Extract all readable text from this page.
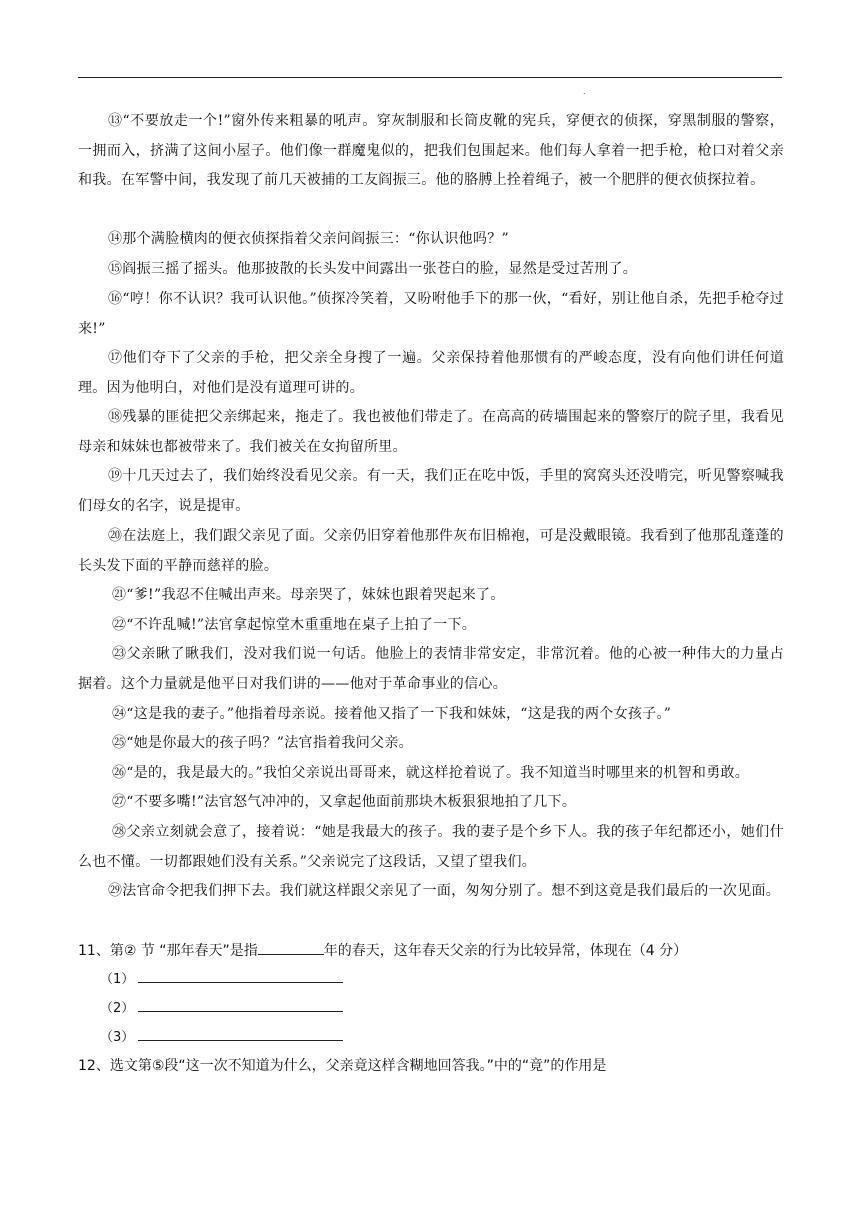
.

⑬“不要放走一个!”窗外传来粗暴的吼声。穿灰制服和长筒皮靴的宪兵，穿便衣的侦探，穿黑制服的警察，一拥而入，挤满了这间小屋子。他们像一群魔鬼似的，把我们包围起来。他们每人拿着一把手枪，枪口对着父亲和我。在军警中间，我发现了前几天被捕的工友阎振三。他的胳膊上拴着绳子，被一个肥胖的便衣侦探拉着。

⑭那个满脸横肉的便衣侦探指着父亲问阎振三：“你认识他吗？”

⑮阎振三摇了摇头。他那披散的长头发中间露出一张苍白的脸，显然是受过苦刑了。

⑯“哼！你不认识？我可认识他。”侦探冷笑着，又吩咐他手下的那一伙，“看好，别让他自杀，先把手枪夺过来!”

⑰他们夺下了父亲的手枪，把父亲全身搜了一遍。父亲保持着他那惯有的严峻态度，没有向他们讲任何道理。因为他明白，对他们是没有道理可讲的。

⑱残暴的匪徒把父亲绑起来，拖走了。我也被他们带走了。在高高的砖墙围起来的警察厅的院子里，我看见母亲和妹妹也都被带来了。我们被关在女拘留所里。

⑲十几天过去了，我们始终没看见父亲。有一天，我们正在吃中饭，手里的窝窝头还没啃完，听见警察喊我们母女的名字，说是提审。

⑳在法庭上，我们跟父亲见了面。父亲仍旧穿着他那件灰布旧棉袍，可是没戴眼镜。我看到了他那乱蓬蓬的长头发下面的平静而慈祥的脸。

㉑“爹!”我忍不住喊出声来。母亲哭了，妹妹也跟着哭起来了。

㉒“不许乱喊!”法官拿起惊堂木重重地在桌子上拍了一下。

㉓父亲瞅了瞅我们，没对我们说一句话。他脸上的表情非常安定，非常沉着。他的心被一种伟大的力量占据着。这个力量就是他平日对我们讲的——他对于革命事业的信心。

㉔“这是我的妻子。”他指着母亲说。接着他又指了一下我和妹妹，“这是我的两个女孩子。”

㉕“她是你最大的孩子吗？”法官指着我问父亲。

㉖“是的，我是最大的。”我怕父亲说出哥哥来，就这样抢着说了。我不知道当时哪里来的机智和勇敢。

㉗“不要多嘴!”法官怒气冲冲的，又拿起他面前那块木板狠狠地拍了几下。

㉘父亲立刻就会意了，接着说：“她是我最大的孩子。我的妻子是个乡下人。我的孩子年纪都还小，她们什么也不懂。一切都跟她们没有关系。”父亲说完了这段话，又望了望我们。

㉙法官命令把我们押下去。我们就这样跟父亲见了一面，匆匆分别了。想不到这竟是我们最后的一次见面。

11、第② 节 “那年春天”是指	年的春天，这年春天父亲的行为比较异常，体现在（4 分）
（1）
（2）
（3）
12、选文第⑤段“这一次不知道为什么，父亲竟这样含糊地回答我。”中的“竟”的作用是
